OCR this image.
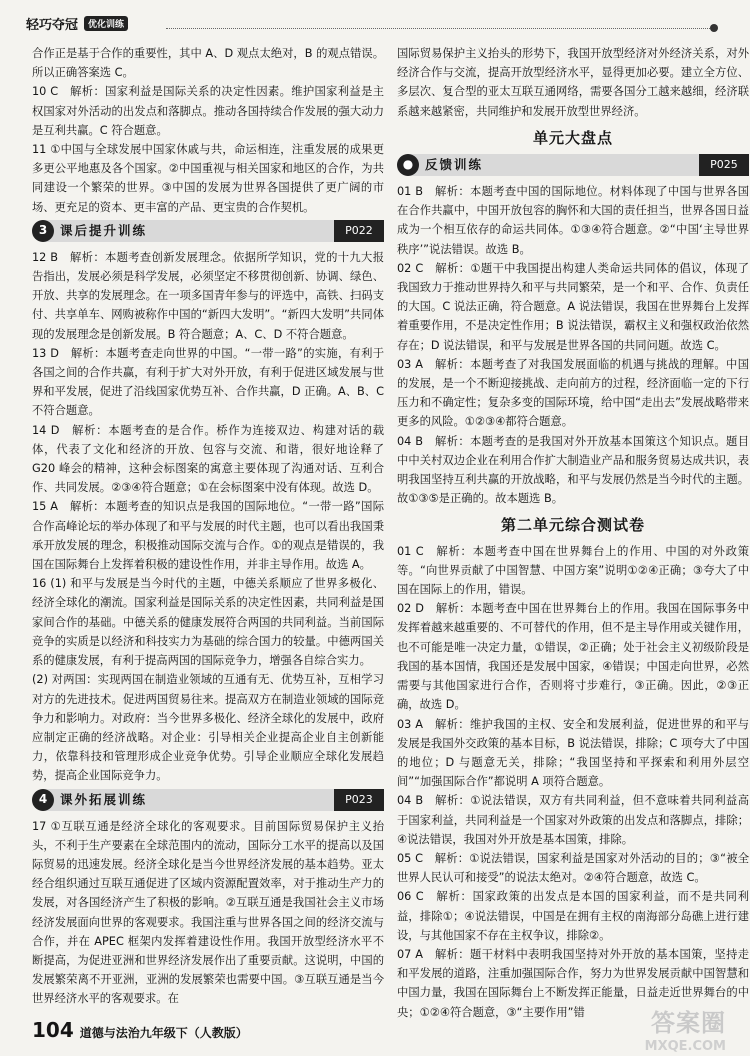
轻巧夺冠	优化训练

合作正是基于合作的重要性，其中 A、D 观点太绝对，B 的观点错误。所以正确答案选 C。

10 C　解析：国家利益是国际关系的决定性因素。维护国家利益是主权国家对外活动的出发点和落脚点。推动各国持续合作发展的强大动力是互利共赢。C 符合题意。

11 ①中国与全球发展中国家休戚与共，命运相连，注重发展的成果更多更公平地惠及各个国家。②中国重视与相关国家和地区的合作，为共同建设一个繁荣的世界。③中国的发展为世界各国提供了更广阔的市场、更充足的资本、更丰富的产品、更宝贵的合作契机。

3	课后提升训练	P022

12 B　解析：本题考查创新发展理念。依据所学知识，党的十九大报告指出，发展必须是科学发展，必须坚定不移贯彻创新、协调、绿色、开放、共享的发展理念。在一项多国青年参与的评选中，高铁、扫码支付、共享单车、网购被称作中国的“新四大发明”。“新四大发明”共同体现的发展理念是创新发展。B 符合题意；A、C、D 不符合题意。

13 D　解析：本题考查走向世界的中国。“一带一路”的实施，有利于各国之间的合作共赢，有利于扩大对外开放，有利于促进区域发展与世界和平发展，促进了沿线国家优势互补、合作共赢，D 正确。A、B、C 不符合题意。

14 D　解析：本题考查的是合作。桥作为连接双边、构建对话的载体，代表了文化和经济的开放、包容与交流、和谐，很好地诠释了 G20 峰会的精神，这种会标图案的寓意主要体现了沟通对话、互利合作、共同发展。②③④符合题意；①在会标图案中没有体现。故选 D。

15 A　解析：本题考查的知识点是我国的国际地位。“一带一路”国际合作高峰论坛的举办体现了和平与发展的时代主题，也可以看出我国秉承开放发展的理念，积极推动国际交流与合作。①的观点是错误的，我国在国际舞台上发挥着积极的建设性作用，并非主导作用。故选 A。

16 (1) 和平与发展是当今时代的主题，中德关系顺应了世界多极化、经济全球化的潮流。国家利益是国际关系的决定性因素，共同利益是国家间合作的基础。中德关系的健康发展符合两国的共同利益。当前国际竞争的实质是以经济和科技实力为基础的综合国力的较量。中德两国关系的健康发展，有利于提高两国的国际竞争力，增强各自综合实力。

(2) 对两国：实现两国在制造业领域的互通有无、优势互补，互相学习对方的先进技术。促进两国贸易往来。提高双方在制造业领域的国际竞争力和影响力。对政府：当今世界多极化、经济全球化的发展中，政府应制定正确的经济战略。对企业：引导相关企业提高企业自主创新能力，依靠科技和管理形成企业竞争优势。引导企业顺应全球化发展趋势，提高企业国际竞争力。

4	课外拓展训练	P023

17 ①互联互通是经济全球化的客观要求。目前国际贸易保护主义抬头，不利于生产要素在全球范围内的流动，国际分工水平的提高以及国际贸易的迅速发展。经济全球化是当今世界经济发展的基本趋势。亚太经合组织通过互联互通促进了区域内资源配置效率，对于推动生产力的发展，对各国经济产生了积极的影响。②互联互通是我国社会主义市场经济发展面向世界的客观要求。我国注重与世界各国之间的经济交流与合作，并在 APEC 框架内发挥着建设性作用。我国开放型经济水平不断提高，为促进亚洲和世界经济发展作出了重要贡献。这说明，中国的发展繁荣离不开亚洲，亚洲的发展繁荣也需要中国。③互联互通是当今世界经济水平的客观要求。在

国际贸易保护主义抬头的形势下，我国开放型经济对外经济关系，对外经济合作与交流，提高开放型经济水平，显得更加必要。建立全方位、多层次、复合型的亚太互联互通网络，需要各国分工越来越细，经济联系越来越紧密，共同维护和发展开放型世界经济。

单元大盘点
● 反馈训练	P025

01 B　解析：本题考查中国的国际地位。材料体现了中国与世界各国在合作共赢中，中国开放包容的胸怀和大国的责任担当，世界各国日益成为一个相互依存的命运共同体。①③④符合题意。②“中国‘主导世界秩序’”说法错误。故选 B。

02 C　解析：①题干中我国提出构建人类命运共同体的倡议，体现了我国致力于推动世界持久和平与共同繁荣，是一个和平、合作、负责任的大国。C 说法正确，符合题意。A 说法错误，我国在世界舞台上发挥着重要作用，不是决定性作用；B 说法错误，霸权主义和强权政治依然存在；D 说法错误，和平与发展是世界各国的共同问题。故选 C。

03 A　解析：本题考查了对我国发展面临的机遇与挑战的理解。中国的发展，是一个不断迎接挑战、走向前方的过程，经济面临一定的下行压力和不确定性；复杂多变的国际环境，给中国“走出去”发展战略带来更多的风险。①②③④都符合题意。

04 B　解析：本题考查的是我国对外开放基本国策这个知识点。题目中中关村双边企业在利用合作扩大制造业产品和服务贸易达成共识，表明我国坚持互利共赢的开放战略，和平与发展仍然是当今时代的主题。故①③⑤是正确的。故本题选 B。

第二单元综合测试卷

01 C　解析：本题考查中国在世界舞台上的作用、中国的对外政策等。“向世界贡献了中国智慧、中国方案”说明①②④正确；③夸大了中国在国际上的作用，错误。

02 D　解析：本题考查中国在世界舞台上的作用。我国在国际事务中发挥着越来越重要的、不可替代的作用，但不是主导作用或关键作用，也不可能是唯一决定力量，①错误，②正确；处于社会主义初级阶段是我国的基本国情，我国还是发展中国家，④错误；中国走向世界，必然需要与其他国家进行合作，否则将寸步难行，③正确。因此，②③正确，故选 D。

03 A　解析：维护我国的主权、安全和发展利益，促进世界的和平与发展是我国外交政策的基本目标，B 说法错误，排除；C 项夸大了中国的地位；D 与题意无关，排除；“我国坚持和平探索和利用外层空间”“加强国际合作”都说明 A 项符合题意。

04 B　解析：①说法错误，双方有共同利益，但不意味着共同利益高于国家利益，共同利益是一个国家对外政策的出发点和落脚点，排除；④说法错误，我国对外开放是基本国策，排除。

05 C　解析：①说法错误，国家利益是国家对外活动的目的；③“被全世界人民认可和接受”的说法太绝对。②④符合题意，故选 C。

06 C　解析：国家政策的出发点是本国的国家利益，而不是共同利益，排除①；④说法错误，中国是在拥有主权的南海部分岛礁上进行建设，与其他国家不存在主权争议，排除②。

07 A　解析：题干材料中表明我国坚持对外开放的基本国策，坚持走和平发展的道路，注重加强国际合作，努力为世界发展贡献中国智慧和中国力量，我国在国际舞台上不断发挥正能量，日益走近世界舞台的中央；①②④符合题意，③“主要作用”错

104 道德与法治九年级下（人教版）	答案圈
MXQE.COM
